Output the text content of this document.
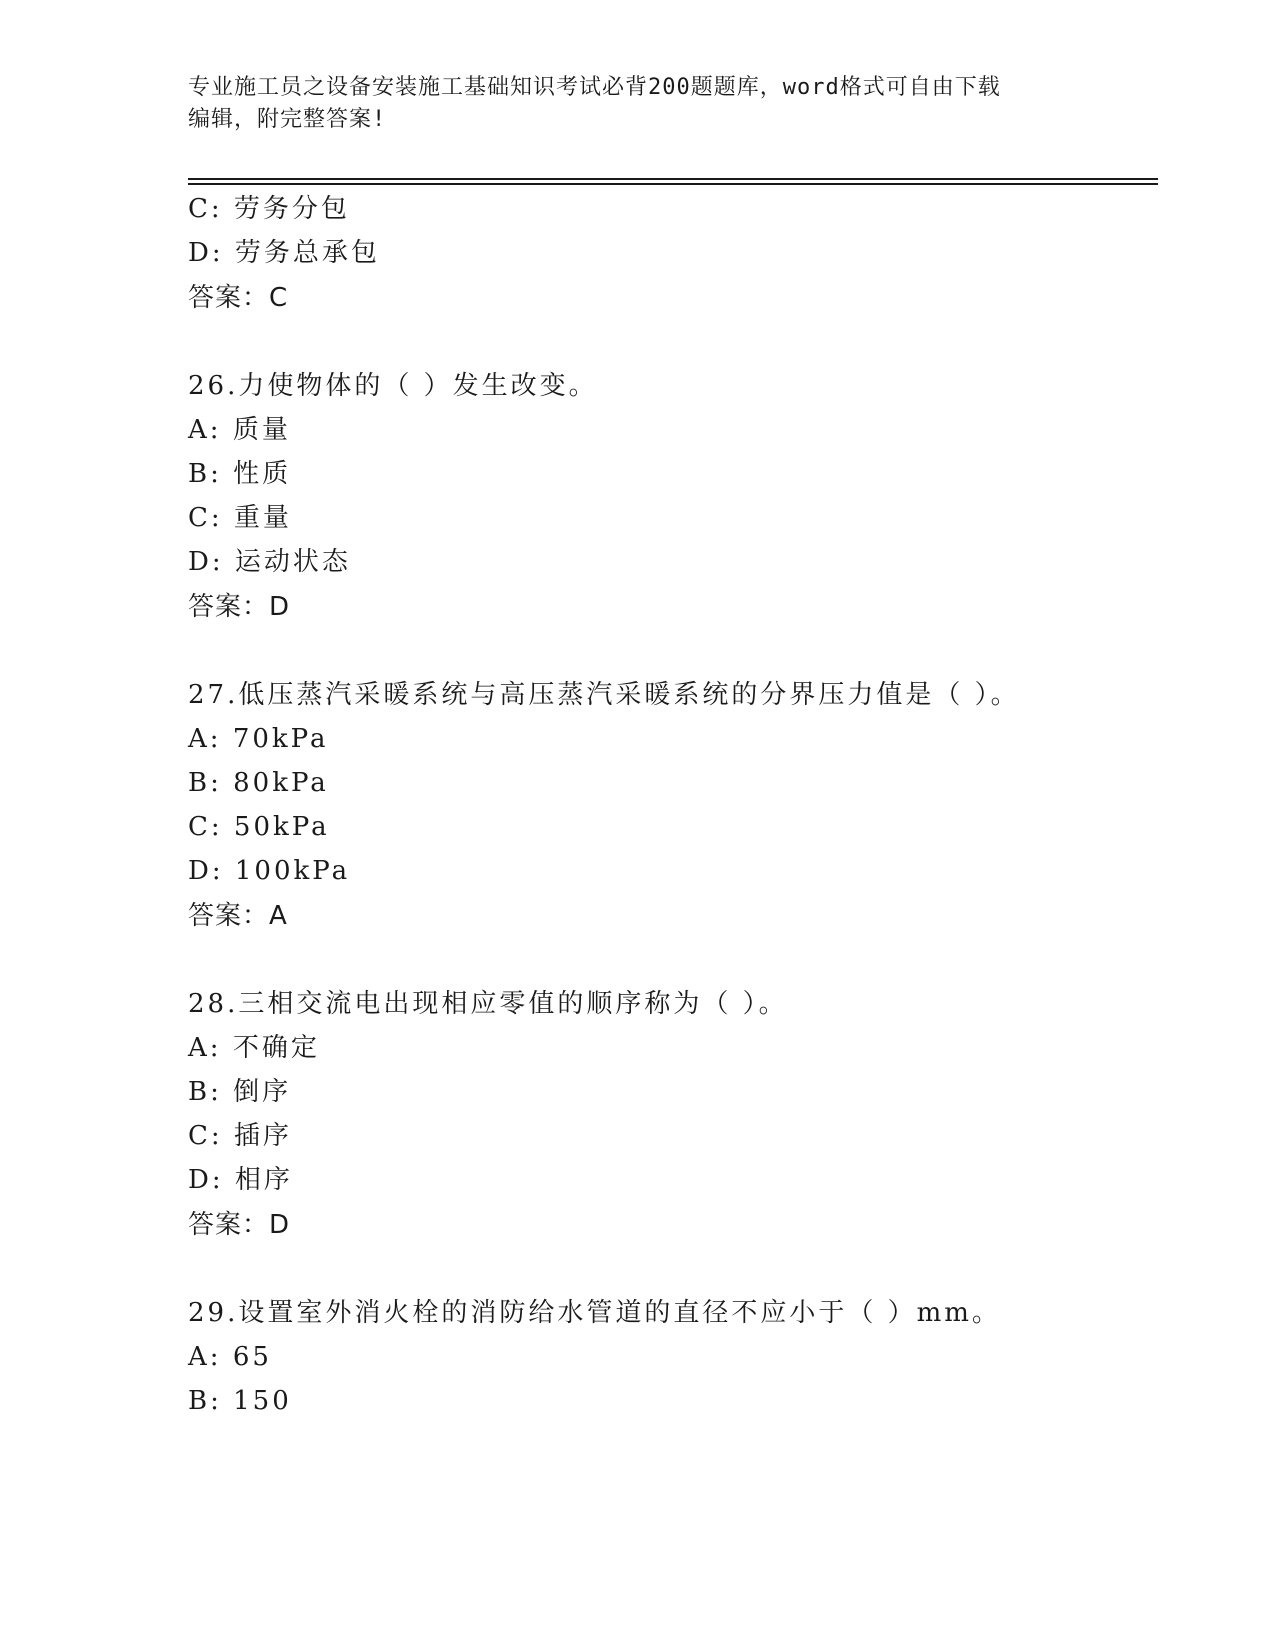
专业施工员之设备安装施工基础知识考试必背200题题库，word格式可自由下载
编辑，附完整答案!
C: 劳务分包
D: 劳务总承包
答案：C
26.力使物体的（ ）发生改变。
A: 质量
B: 性质
C: 重量
D: 运动状态
答案：D
27.低压蒸汽采暖系统与高压蒸汽采暖系统的分界压力值是（ ）。
A: 70kPa
B: 80kPa
C: 50kPa
D: 100kPa
答案：A
28.三相交流电出现相应零值的顺序称为（ ）。
A: 不确定
B: 倒序
C: 插序
D: 相序
答案：D
29.设置室外消火栓的消防给水管道的直径不应小于（ ）mm。
A: 65
B: 150
